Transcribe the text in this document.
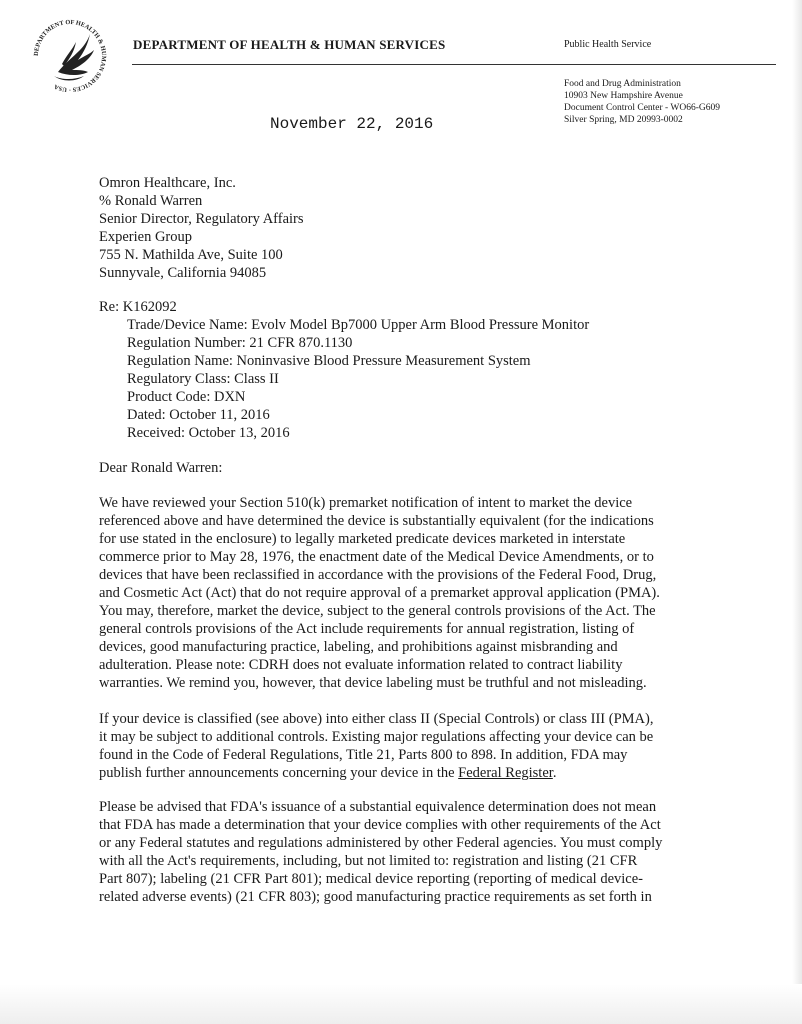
DEPARTMENT OF HEALTH & HUMAN SERVICES · USA
DEPARTMENT OF HEALTH & HUMAN SERVICES	Public Health Service
Food and Drug Administration
10903 New Hampshire Avenue
Document Control Center - WO66-G609
Silver Spring, MD 20993-0002
November 22, 2016
Omron Healthcare, Inc.
% Ronald Warren
Senior Director, Regulatory Affairs
Experien Group
755 N. Mathilda Ave, Suite 100
Sunnyvale, California 94085
Re: K162092
Trade/Device Name: Evolv Model Bp7000 Upper Arm Blood Pressure Monitor
Regulation Number: 21 CFR 870.1130
Regulation Name: Noninvasive Blood Pressure Measurement System
Regulatory Class: Class II
Product Code: DXN
Dated: October 11, 2016
Received: October 13, 2016
Dear Ronald Warren:
We have reviewed your Section 510(k) premarket notification of intent to market the device
referenced above and have determined the device is substantially equivalent (for the indications
for use stated in the enclosure) to legally marketed predicate devices marketed in interstate
commerce prior to May 28, 1976, the enactment date of the Medical Device Amendments, or to
devices that have been reclassified in accordance with the provisions of the Federal Food, Drug,
and Cosmetic Act (Act) that do not require approval of a premarket approval application (PMA).
You may, therefore, market the device, subject to the general controls provisions of the Act. The
general controls provisions of the Act include requirements for annual registration, listing of
devices, good manufacturing practice, labeling, and prohibitions against misbranding and
adulteration. Please note: CDRH does not evaluate information related to contract liability
warranties. We remind you, however, that device labeling must be truthful and not misleading.
If your device is classified (see above) into either class II (Special Controls) or class III (PMA),
it may be subject to additional controls. Existing major regulations affecting your device can be
found in the Code of Federal Regulations, Title 21, Parts 800 to 898. In addition, FDA may
publish further announcements concerning your device in the Federal Register.
Please be advised that FDA's issuance of a substantial equivalence determination does not mean
that FDA has made a determination that your device complies with other requirements of the Act
or any Federal statutes and regulations administered by other Federal agencies. You must comply
with all the Act's requirements, including, but not limited to: registration and listing (21 CFR
Part 807); labeling (21 CFR Part 801); medical device reporting (reporting of medical device-
related adverse events) (21 CFR 803); good manufacturing practice requirements as set forth in
